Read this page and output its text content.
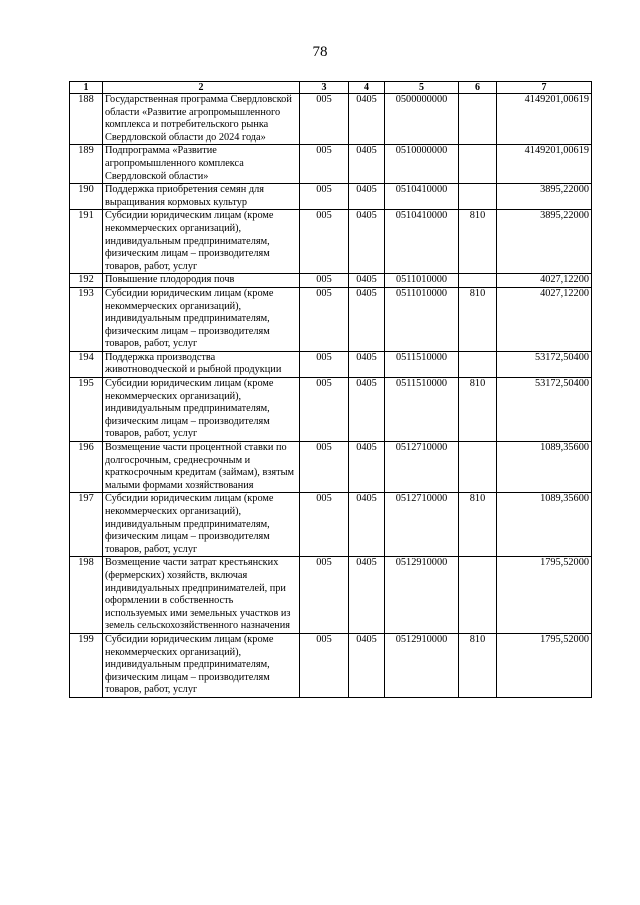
78
1	2	3	4	5	6	7
188	Государственная программа Свердловской области «Развитие агропромышленного комплекса и потребительского рынка Свердловской области до 2024 года»	005	0405	0500000000		4149201,00619
189	Подпрограмма «Развитие агропромышленного комплекса Свердловской области»	005	0405	0510000000		4149201,00619
190	Поддержка приобретения семян для выращивания кормовых культур	005	0405	0510410000		3895,22000
191	Субсидии юридическим лицам (кроме некоммерческих организаций), индивидуальным предпринимателям, физическим лицам – производителям товаров, работ, услуг	005	0405	0510410000	810	3895,22000
192	Повышение плодородия почв	005	0405	0511010000		4027,12200
193	Субсидии юридическим лицам (кроме некоммерческих организаций), индивидуальным предпринимателям, физическим лицам – производителям товаров, работ, услуг	005	0405	0511010000	810	4027,12200
194	Поддержка производства животноводческой и рыбной продукции	005	0405	0511510000		53172,50400
195	Субсидии юридическим лицам (кроме некоммерческих организаций), индивидуальным предпринимателям, физическим лицам – производителям товаров, работ, услуг	005	0405	0511510000	810	53172,50400
196	Возмещение части процентной ставки по долгосрочным, среднесрочным и краткосрочным кредитам (займам), взятым малыми формами хозяйствования	005	0405	0512710000		1089,35600
197	Субсидии юридическим лицам (кроме некоммерческих организаций), индивидуальным предпринимателям, физическим лицам – производителям товаров, работ, услуг	005	0405	0512710000	810	1089,35600
198	Возмещение части затрат крестьянских (фермерских) хозяйств, включая индивидуальных предпринимателей, при оформлении в собственность используемых ими земельных участков из земель сельскохозяйственного назначения	005	0405	0512910000		1795,52000
199	Субсидии юридическим лицам (кроме некоммерческих организаций), индивидуальным предпринимателям, физическим лицам – производителям товаров, работ, услуг	005	0405	0512910000	810	1795,52000
